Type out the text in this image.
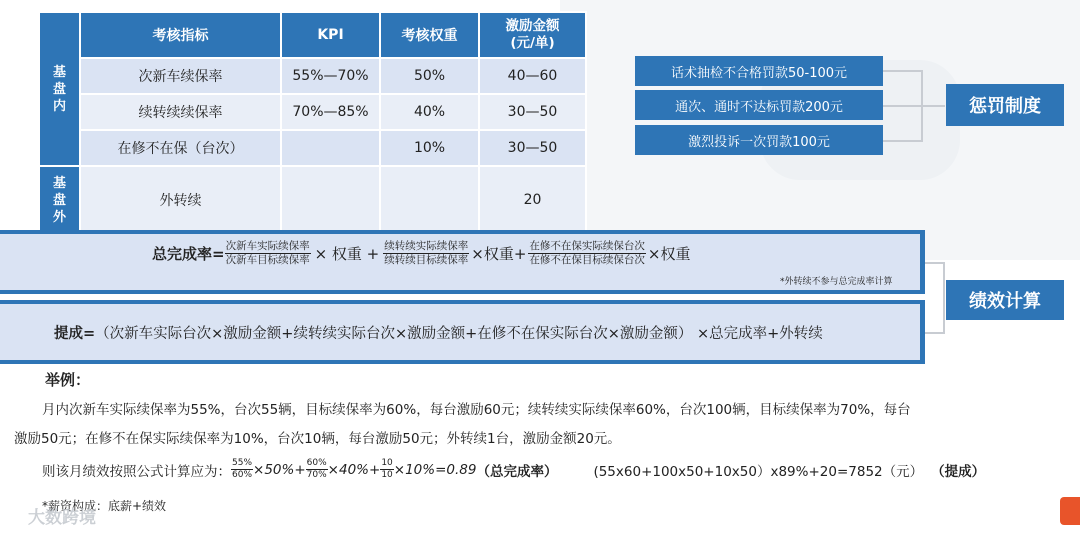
基
盘
内	考核指标	KPI	考核权重	激励金额
(元/单)
	次新车续保率	55%—70%	50%	40—60
	续转续续保率	70%—85%	40%	30—50
	在修不在保（台次）		10%	30—50

基
盘
外	外转续			20
话术抽检不合格罚款50-100元
通次、通时不达标罚款200元
激烈投诉一次罚款100元
惩罚制度
总完成率= $\frac{\text{次新车实际续保率}}{\text{次新车目标续保率}}$ × 权重 + $\frac{\text{续转续实际续保率}}{\text{续转续目标续保率}}$ ×权重+ $\frac{\text{在修不在保实际续保台次}}{\text{在修不在保目标续保台次}}$ ×权重
*外转续不参与总完成率计算
提成=（次新车实际台次×激励金额+续转续实际台次×激励金额+在修不在保实际台次×激励金额） ×总完成率+外转续
绩效计算
举例：
月内次新车实际续保率为55%，台次55辆，目标续保率为60%，每台激励60元；续转续实际续保率60%，台次100辆，目标续保率为70%，每台
激励50元；在修不在保实际续保率为10%，台次10辆，每台激励50元；外转续1台，激励金额20元。
则该月绩效按照公式计算应为： $\frac{55\%}{60\%} \times 50\%+ \frac{60\%}{70\%} \times 40\%+ \frac{10}{10} \times 10\%=0.89$ （总完成率）	(55x60+100x50+10x50）x89%+20=7852（元） （提成）
*薪资构成：底薪+绩效
大数跨境
